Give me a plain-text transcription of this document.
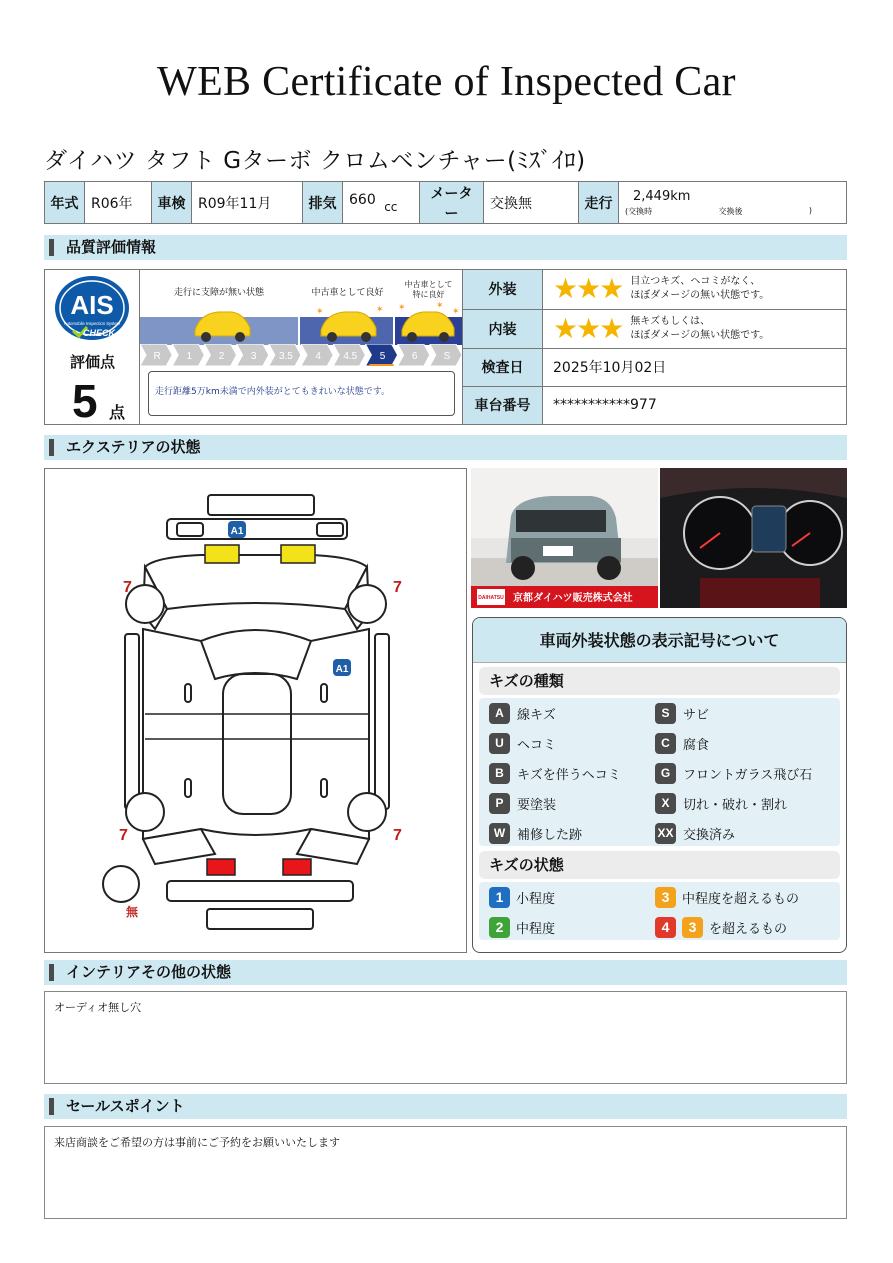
WEB Certificate of Inspected Car
ダイハツ タフト Gターボ クロムベンチャー(ﾐｽﾞｲﾛ)
年式	R06年	車検	R09年11月	排気	660 cc	メーター	交換無	走行	2,449km
(交換時	交換後	)
品質評価情報
AIS
Automobile Inspection System
CHECK
評価点
5 点
走行に支障が無い状態	中古車として良好
中古車として
特に良好
✶	✶ ✶	✶
✶
R	1	2	3 3.5 4 4.5 5	6	S
走行距離5万km未満で内外装がとてもきれいな状態です。
外装	★★★ 目立つキズ、ヘコミがなく、
ほぼダメージの無い状態です。

内装	★★★ 無キズもしくは、
ほぼダメージの無い状態です。

検査日	2025年10月02日
車台番号	***********977
エクステリアの状態
A1
A1
7	7
7	7
無
DAIHATSU 京都ダイハツ販売株式会社
車両外装状態の表示記号について
キズの種類
A	線キズ	S	サビ
U	ヘコミ	C	腐食
B	キズを伴うヘコミ	G フロントガラス飛び石
P	要塗装	X	切れ・破れ・割れ
W 補修した跡	XX 交換済み
キズの状態
1 小程度	3 中程度を超えるもの
2 中程度	4	3 を超えるもの
インテリアその他の状態
オーディオ無し穴
セールスポイント
来店商談をご希望の方は事前にご予約をお願いいたします
